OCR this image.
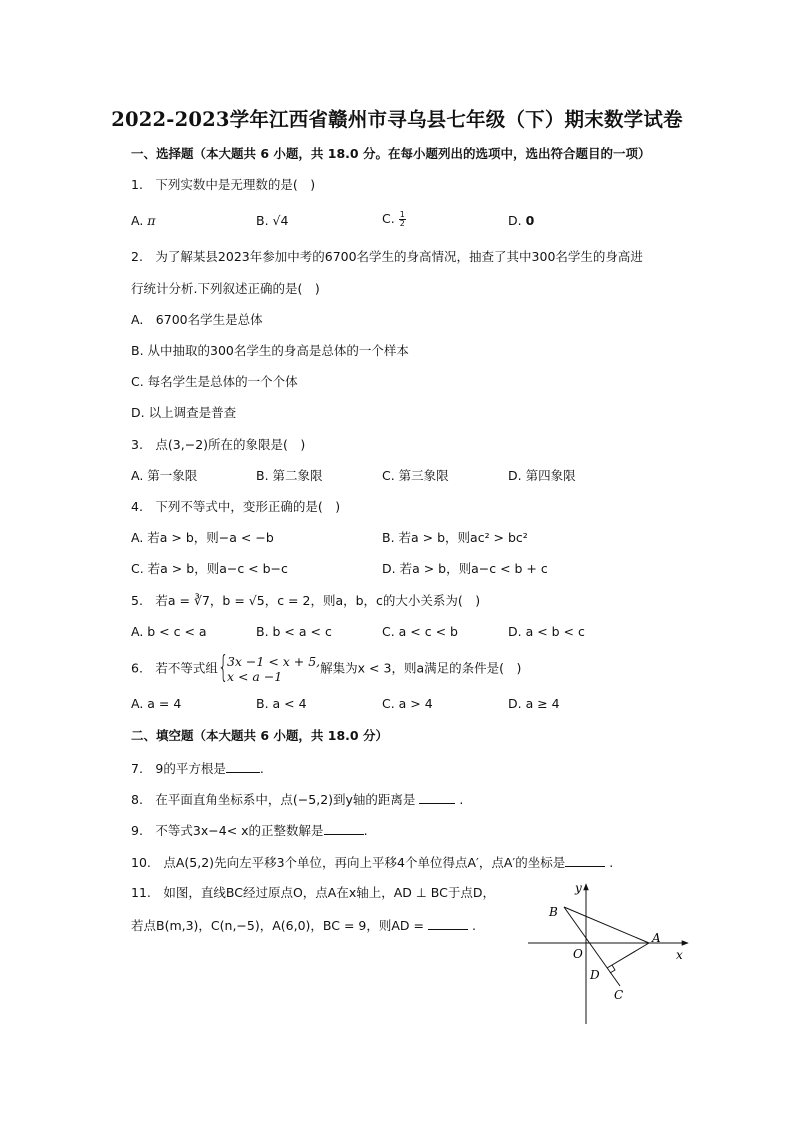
2022-2023学年江西省赣州市寻乌县七年级（下）期末数学试卷
一、选择题（本大题共 6 小题，共 18.0 分。在每小题列出的选项中，选出符合题目的一项）
1.　下列实数中是无理数的是(　)
A. π	B. √4	C. $\frac{1}{2}$	D. 0
2.　为了解某县2023年参加中考的6700名学生的身高情况，抽查了其中300名学生的身高进
行统计分析.下列叙述正确的是(　)
A.　6700名学生是总体
B. 从中抽取的300名学生的身高是总体的一个样本
C. 每名学生是总体的一个个体
D. 以上调查是普查
3.　点(3,−2)所在的象限是(　)
A. 第一象限	B. 第二象限	C. 第三象限	D. 第四象限
4.　下列不等式中，变形正确的是(　)
A. 若a > b，则−a < −b	B. 若a > b，则ac² > bc²
C. 若a > b，则a−c < b−c	D. 若a > b，则a−c < b + c
5.　若a = ∛7，b = √5，c = 2，则a，b，c的大小关系为(　)
A. b < c < a	B. b < a < c	C. a < c < b	D. a < b < c
6.　若不等式组 {
3x −1 < x + 5,
x < a −1
解集为x < 3，则a满足的条件是(　)
A. a = 4	B. a < 4	C. a > 4	D. a ≥ 4
二、填空题（本大题共 6 小题，共 18.0 分）
7.　9的平方根是	.
8.　在平面直角坐标系中，点(−5,2)到y轴的距离是	.
9.　不等式3x−4< x的正整数解是	.
10.　点A(5,2)先向左平移3个单位，再向上平移4个单位得点A′，点A′的坐标是	.
11.　如图，直线BC经过原点O，点A在x轴上，AD ⊥ BC于点D，
若点B(m,3)，C(n,−5)，A(6,0)，BC = 9，则AD =	.
y
x
B
O
A
D
C
